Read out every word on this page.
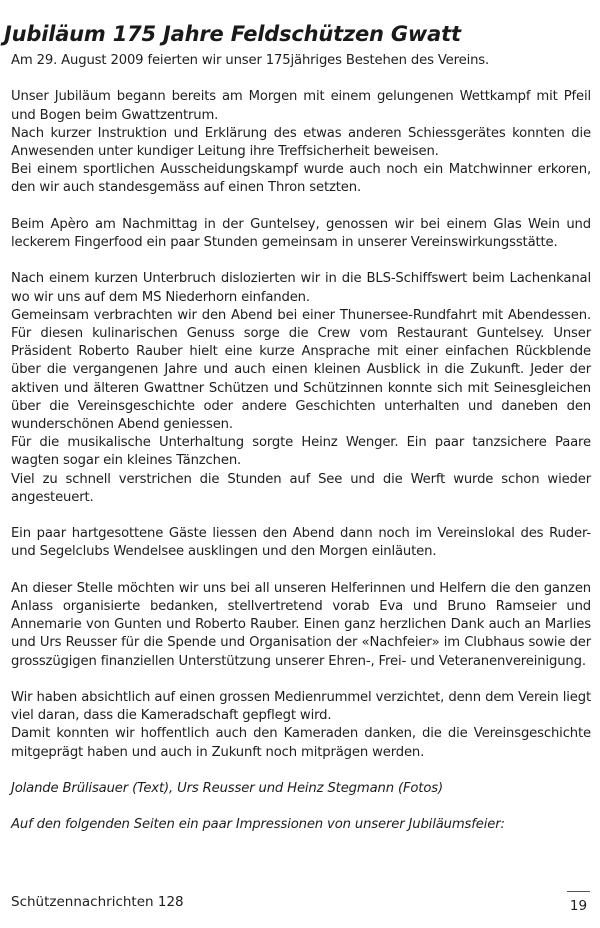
Jubiläum 175 Jahre Feldschützen Gwatt

Am 29. August 2009 feierten wir unser 175jähriges Bestehen des Vereins.

Unser Jubiläum begann bereits am Morgen mit einem gelungenen Wettkampf mit Pfeil und Bogen beim Gwattzentrum.
Nach kurzer Instruktion und Erklärung des etwas anderen Schiessgerätes konnten die Anwesenden unter kundiger Leitung ihre Treffsicherheit beweisen.
Bei einem sportlichen Ausscheidungskampf wurde auch noch ein Matchwinner erkoren, den wir auch standesgemäss auf einen Thron setzten.

Beim Apèro am Nachmittag in der Guntelsey, genossen wir bei einem Glas Wein und leckerem Fingerfood ein paar Stunden gemeinsam in unserer Vereinswirkungsstätte.

Nach einem kurzen Unterbruch dislozierten wir in die BLS-Schiffswert beim Lachenkanal wo wir uns auf dem MS Niederhorn einfanden.
Gemeinsam verbrachten wir den Abend bei einer Thunersee-Rundfahrt mit Abendessen. Für diesen kulinarischen Genuss sorge die Crew vom Restaurant Guntelsey. Unser Präsident Roberto Rauber hielt eine kurze Ansprache mit einer einfachen Rückblende über die vergangenen Jahre und auch einen kleinen Ausblick in die Zukunft. Jeder der aktiven und älteren Gwattner Schützen und Schützinnen konnte sich mit Seinesgleichen über die Vereinsgeschichte oder andere Geschichten unterhalten und daneben den wunderschönen Abend geniessen.
Für die musikalische Unterhaltung sorgte Heinz Wenger. Ein paar tanzsichere Paare wagten sogar ein kleines Tänzchen.
Viel zu schnell verstrichen die Stunden auf See und die Werft wurde schon wieder angesteuert.

Ein paar hartgesottene Gäste liessen den Abend dann noch im Vereinslokal des Ruder- und Segelclubs Wendelsee ausklingen und den Morgen einläuten.

An dieser Stelle möchten wir uns bei all unseren Helferinnen und Helfern die den ganzen Anlass organisierte bedanken, stellvertretend vorab Eva und Bruno Ramseier und Annemarie von Gunten und Roberto Rauber. Einen ganz herzlichen Dank auch an Marlies und Urs Reusser für die Spende und Organisation der «Nachfeier» im Clubhaus sowie der grosszügigen finanziellen Unterstützung unserer Ehren-, Frei- und Veteranenvereinigung.

Wir haben absichtlich auf einen grossen Medienrummel verzichtet, denn dem Verein liegt viel daran, dass die Kameradschaft gepflegt wird.
Damit konnten wir hoffentlich auch den Kameraden danken, die die Vereinsgeschichte mitgeprägt haben und auch in Zukunft noch mitprägen werden.

Jolande Brülisauer (Text), Urs Reusser und Heinz Stegmann (Fotos)

Auf den folgenden Seiten ein paar Impressionen von unserer Jubiläumsfeier:

Schützennachrichten 128	19
